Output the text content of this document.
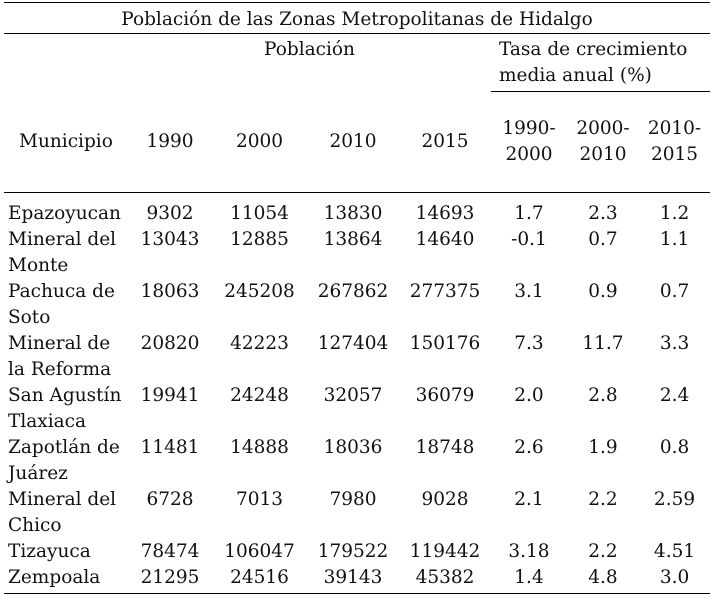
Población de las Zonas Metropolitanas de Hidalgo							
	Población				Tasa de crecimiento media anual (%)		
Municipio	1990	2000	2010	2015	1990-2000	2000-2010	2010-2015
Epazoyucan	9302	11054	13830	14693	1.7	2.3	1.2
Mineral del Monte	13043	12885	13864	14640	-0.1	0.7	1.1
Pachuca de Soto	18063	245208	267862	277375	3.1	0.9	0.7
Mineral de la Reforma	20820	42223	127404	150176	7.3	11.7	3.3
San Agustín Tlaxiaca	19941	24248	32057	36079	2.0	2.8	2.4
Zapotlán de Juárez	11481	14888	18036	18748	2.6	1.9	0.8
Mineral del Chico	6728	7013	7980	9028	2.1	2.2	2.59
Tizayuca	78474	106047	179522	119442	3.18	2.2	4.51
Zempoala	21295	24516	39143	45382	1.4	4.8	3.0
